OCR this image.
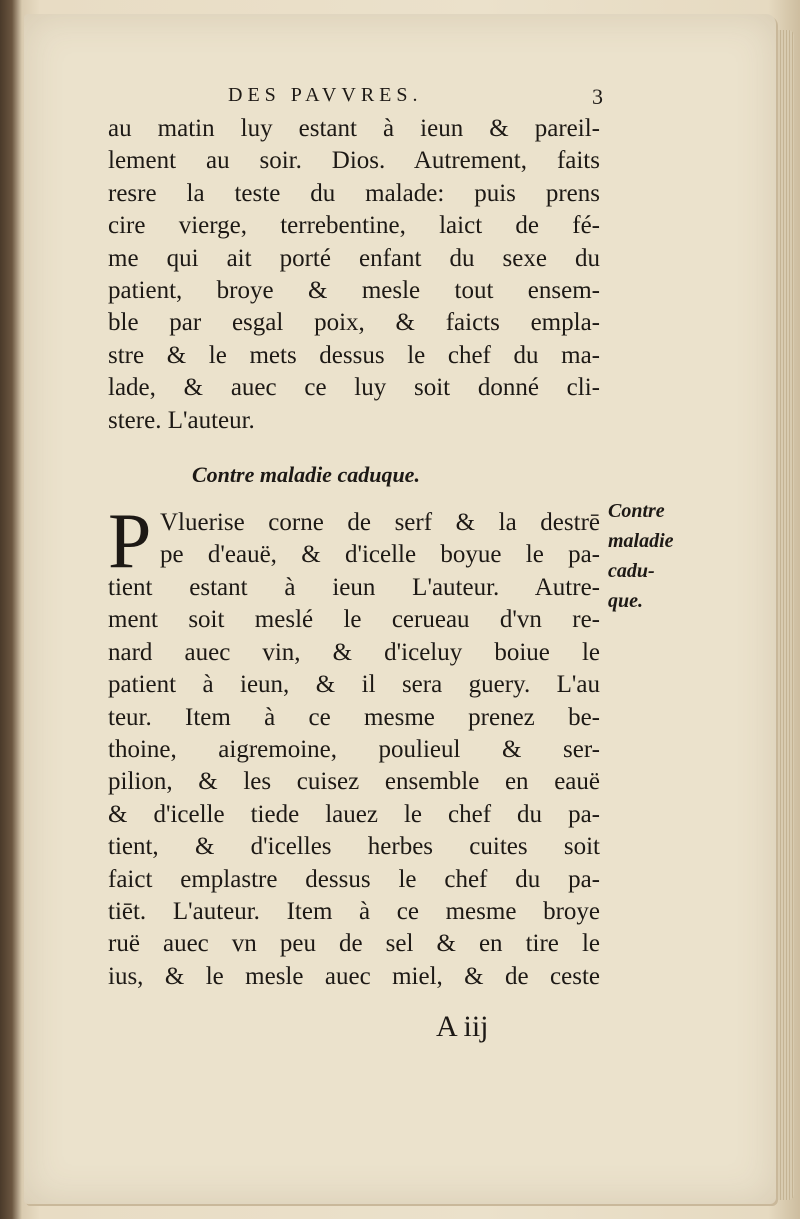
DES PAVVRES.	3
au matin luy estant à ieun & pareil-
lement au soir. Dios. Autrement, faits
resre la teste du malade: puis prens
cire vierge, terrebentine, laict de fé-
me qui ait porté enfant du sexe du
patient, broye & mesle tout ensem-
ble par esgal poix, & faicts empla-
stre & le mets dessus le chef du ma-
lade, & auec ce luy soit donné cli-
stere. L'auteur.
Contre maladie caduque.
P Vluerise corne de serf & la destrē
pe d'eauë, & d'icelle boyue le pa-
tient estant à ieun L'auteur. Autre-
ment soit meslé le cerueau d'vn re-
nard auec vin, & d'iceluy boiue le
patient à ieun, & il sera guery. L'au
teur. Item à ce mesme prenez be-
thoine, aigremoine, poulieul & ser-
pilion, & les cuisez ensemble en eauë
& d'icelle tiede lauez le chef du pa-
tient, & d'icelles herbes cuites soit
faict emplastre dessus le chef du pa-
tiēt. L'auteur. Item à ce mesme broye
ruë auec vn peu de sel & en tire le
ius, & le mesle auec miel, & de ceste
Contre
maladie
cadu-
que.
A iij
